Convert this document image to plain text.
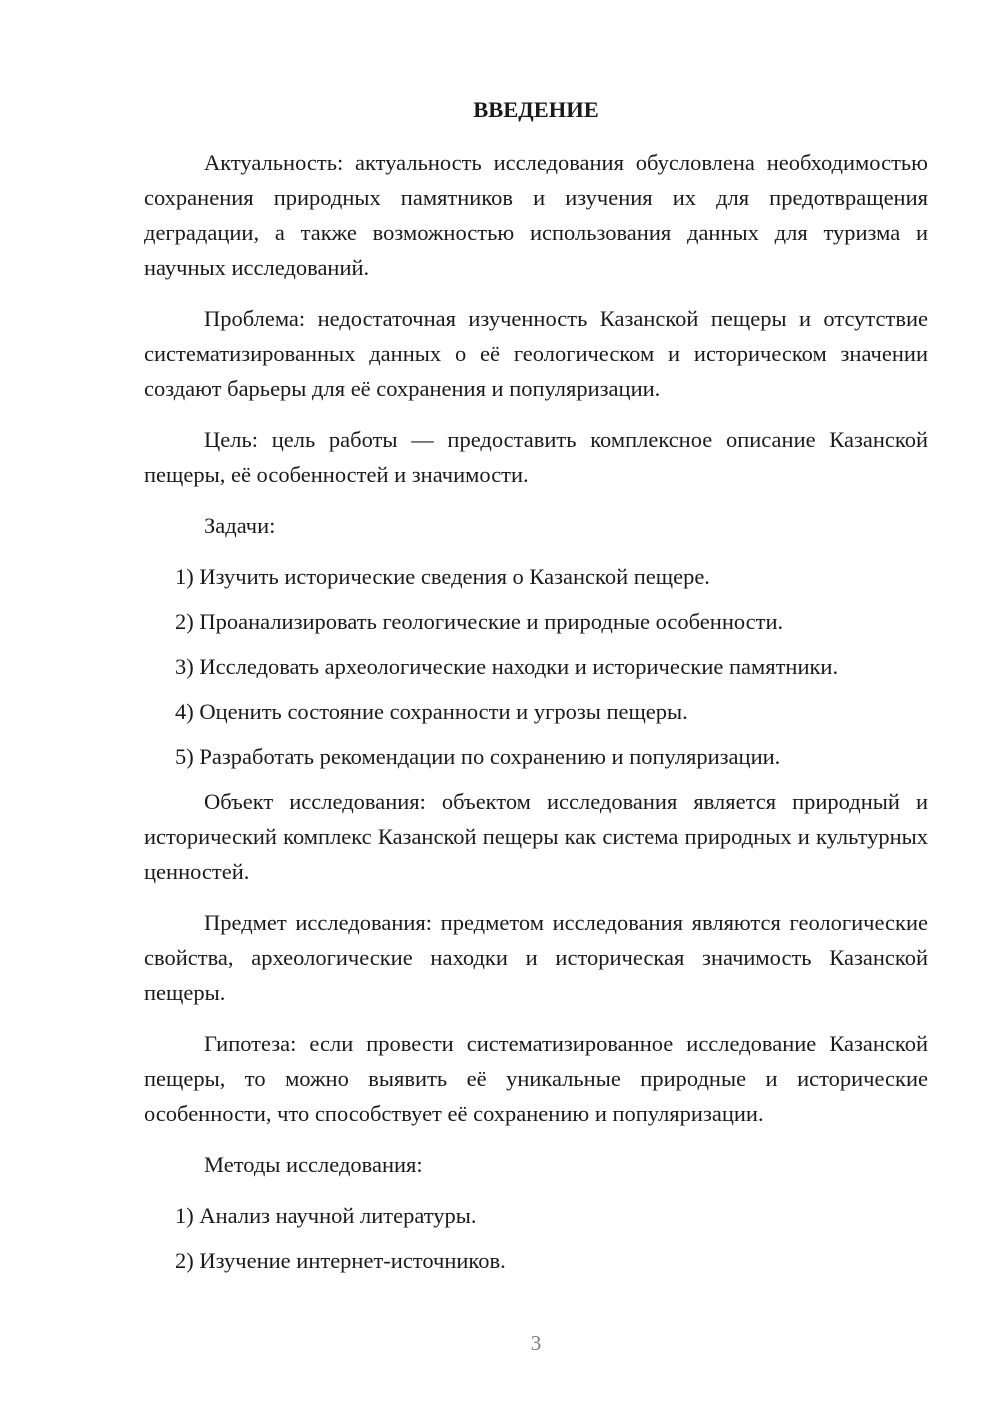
ВВЕДЕНИЕ

Актуальность: актуальность исследования обусловлена необходимостью сохранения природных памятников и изучения их для предотвращения деградации, а также возможностью использования данных для туризма и научных исследований.

Проблема: недостаточная изученность Казанской пещеры и отсутствие систематизированных данных о её геологическом и историческом значении создают барьеры для её сохранения и популяризации.

Цель: цель работы — предоставить комплексное описание Казанской пещеры, её особенностей и значимости.

Задачи:

1) Изучить исторические сведения о Казанской пещере.

2) Проанализировать геологические и природные особенности.

3) Исследовать археологические находки и исторические памятники.

4) Оценить состояние сохранности и угрозы пещеры.

5) Разработать рекомендации по сохранению и популяризации.

Объект исследования: объектом исследования является природный и исторический комплекс Казанской пещеры как система природных и культурных ценностей.

Предмет исследования: предметом исследования являются геологические свойства, археологические находки и историческая значимость Казанской пещеры.

Гипотеза: если провести систематизированное исследование Казанской пещеры, то можно выявить её уникальные природные и исторические особенности, что способствует её сохранению и популяризации.

Методы исследования:

1) Анализ научной литературы.

2) Изучение интернет-источников.

3
